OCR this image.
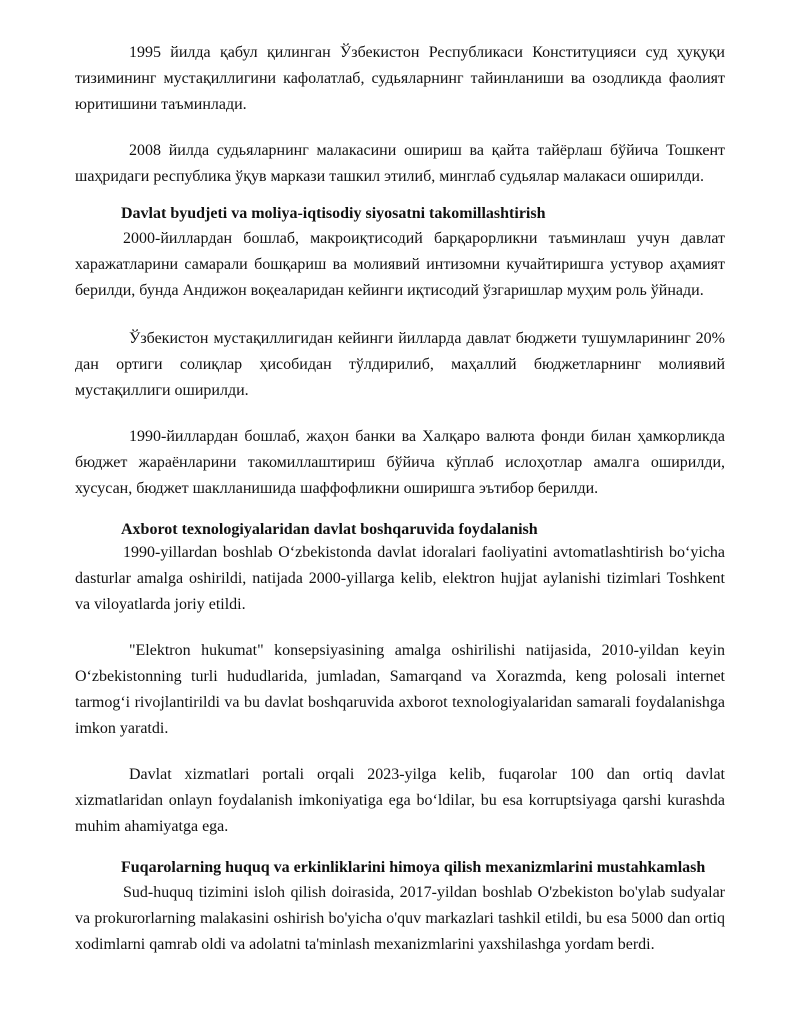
1995 йилда қабул қилинган Ўзбекистон Республикаси Конституцияси суд ҳуқуқи тизимининг мустақиллигини кафолатлаб, судьяларнинг тайинланиши ва озодликда фаолият юритишини таъминлади.

2008 йилда судьяларнинг малакасини ошириш ва қайта тайёрлаш бўйича Тошкент шаҳридаги республика ўқув маркази ташкил этилиб, минглаб судьялар малакаси оширилди.

Davlat byudjeti va moliya-iqtisodiy siyosatni takomillashtirish

2000-йиллардан бошлаб, макроиқтисодий барқарорликни таъминлаш учун давлат харажатларини самарали бошқариш ва молиявий интизомни кучайтиришга устувор аҳамият берилди, бунда Андижон воқеаларидан кейинги иқтисодий ўзгаришлар муҳим роль ўйнади.

Ўзбекистон мустақиллигидан кейинги йилларда давлат бюджети тушумларининг 20% дан ортиги солиқлар ҳисобидан тўлдирилиб, маҳаллий бюджетларнинг молиявий мустақиллиги оширилди.

1990-йиллардан бошлаб, жаҳон банки ва Халқаро валюта фонди билан ҳамкорликда бюджет жараёнларини такомиллаштириш бўйича кўплаб ислоҳотлар амалга оширилди, хусусан, бюджет шаклланишида шаффофликни оширишга эътибор берилди.

Axborot texnologiyalaridan davlat boshqaruvida foydalanish

1990-yillardan boshlab Oʻzbekistonda davlat idoralari faoliyatini avtomatlashtirish boʻyicha dasturlar amalga oshirildi, natijada 2000-yillarga kelib, elektron hujjat aylanishi tizimlari Toshkent va viloyatlarda joriy etildi.

"Elektron hukumat" konsepsiyasining amalga oshirilishi natijasida, 2010-yildan keyin Oʻzbekistonning turli hududlarida, jumladan, Samarqand va Xorazmda, keng polosali internet tarmogʻi rivojlantirildi va bu davlat boshqaruvida axborot texnologiyalaridan samarali foydalanishga imkon yaratdi.

Davlat xizmatlari portali orqali 2023-yilga kelib, fuqarolar 100 dan ortiq davlat xizmatlaridan onlayn foydalanish imkoniyatiga ega boʻldilar, bu esa korruptsiyaga qarshi kurashda muhim ahamiyatga ega.

Fuqarolarning huquq va erkinliklarini himoya qilish mexanizmlarini mustahkamlash

Sud-huquq tizimini isloh qilish doirasida, 2017-yildan boshlab O'zbekiston bo'ylab sudyalar va prokurorlarning malakasini oshirish bo'yicha o'quv markazlari tashkil etildi, bu esa 5000 dan ortiq xodimlarni qamrab oldi va adolatni ta'minlash mexanizmlarini yaxshilashga yordam berdi.
